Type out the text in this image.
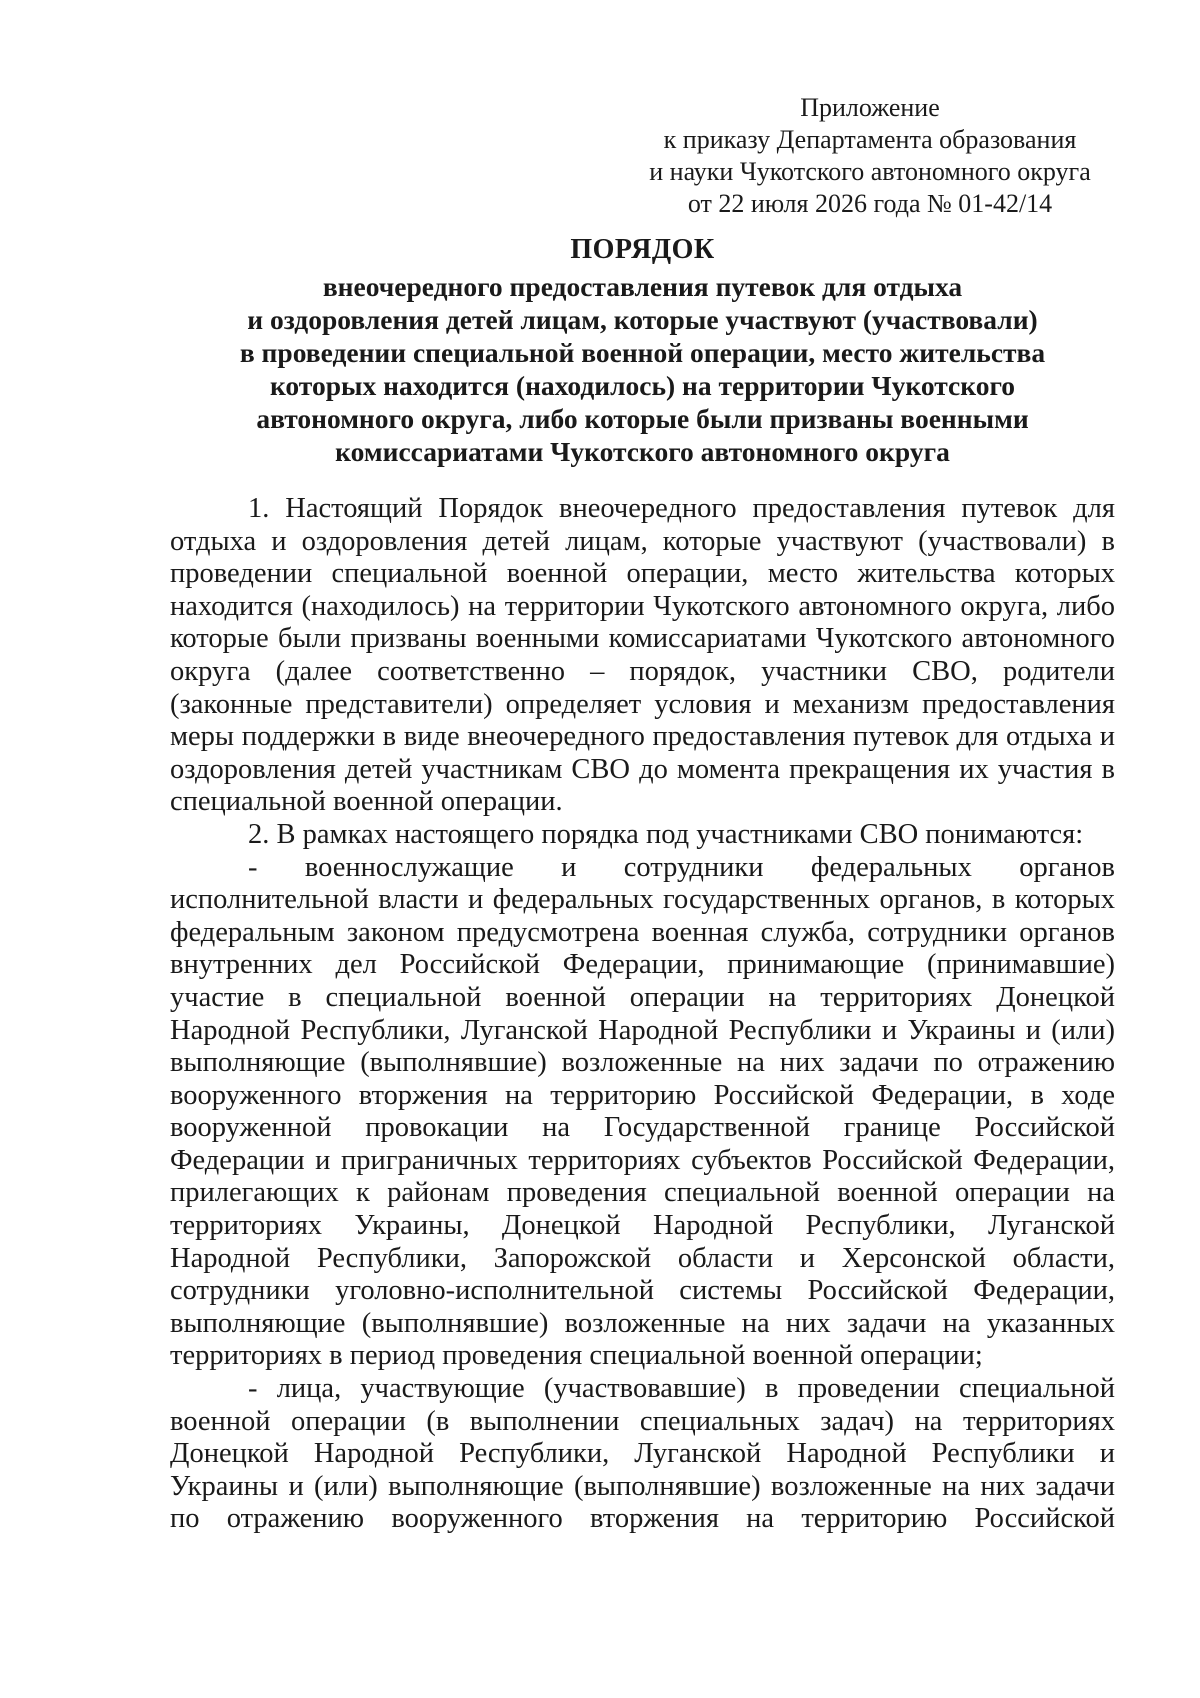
Приложение
к приказу Департамента образования
и науки Чукотского автономного округа
от 22 июля 2026 года № 01-42/14
ПОРЯДОК
внеочередного предоставления путевок для отдыха
и оздоровления детей лицам, которые участвуют (участвовали)
в проведении специальной военной операции, место жительства
которых находится (находилось) на территории Чукотского
автономного округа, либо которые были призваны военными
комиссариатами Чукотского автономного округа

1. Настоящий Порядок внеочередного предоставления путевок для отдыха и оздоровления детей лицам, которые участвуют (участвовали) в проведении специальной военной операции, место жительства которых находится (находилось) на территории Чукотского автономного округа, либо которые были призваны военными комиссариатами Чукотского автономного округа (далее соответственно – порядок, участники СВО, родители (законные представители) определяет условия и механизм предоставления меры поддержки в виде внеочередного предоставления путевок для отдыха и оздоровления детей участникам СВО до момента прекращения их участия в специальной военной операции.

2. В рамках настоящего порядка под участниками СВО понимаются:

- военнослужащие и сотрудники федеральных органов исполнительной власти и федеральных государственных органов, в которых федеральным законом предусмотрена военная служба, сотрудники органов внутренних дел Российской Федерации, принимающие (принимавшие) участие в специальной военной операции на территориях Донецкой Народной Республики, Луганской Народной Республики и Украины и (или) выполняющие (выполнявшие) возложенные на них задачи по отражению вооруженного вторжения на территорию Российской Федерации, в ходе вооруженной провокации на Государственной границе Российской Федерации и приграничных территориях субъектов Российской Федерации, прилегающих к районам проведения специальной военной операции на территориях Украины, Донецкой Народной Республики, Луганской Народной Республики, Запорожской области и Херсонской области, сотрудники уголовно-исполнительной системы Российской Федерации, выполняющие (выполнявшие) возложенные на них задачи на указанных территориях в период проведения специальной военной операции;

- лица, участвующие (участвовавшие) в проведении специальной военной операции (в выполнении специальных задач) на территориях Донецкой Народной Республики, Луганской Народной Республики и Украины и (или) выполняющие (выполнявшие) возложенные на них задачи по отражению вооруженного вторжения на территорию Российской
